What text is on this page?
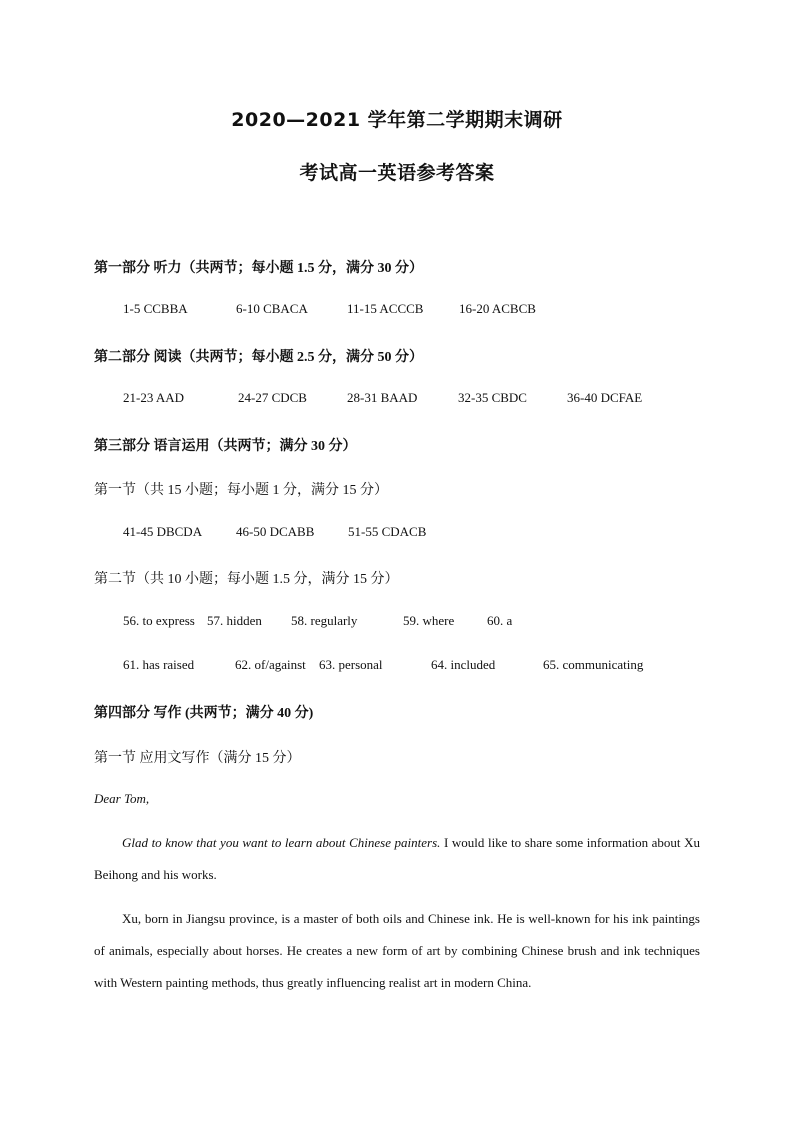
2020—2021 学年第二学期期末调研
考试高一英语参考答案
第一部分 听力（共两节；每小题 1.5 分，满分 30 分）
1-5 CCBBA	6-10 CBACA	11-15 ACCCB	16-20 ACBCB
第二部分 阅读（共两节；每小题 2.5 分，满分 50 分）
21-23 AAD	24-27 CDCB	28-31 BAAD	32-35 CBDC	36-40 DCFAE
第三部分 语言运用（共两节；满分 30 分）
第一节（共 15 小题；每小题 1 分，满分 15 分）
41-45 DBCDA	46-50 DCABB	51-55 CDACB
第二节（共 10 小题；每小题 1.5 分，满分 15 分）
56. to express 57. hidden 58. regularly	59. where	60. a
61. has raised	62. of/against 63. personal	64. included	65. communicating
第四部分 写作 (共两节；满分 40 分)
第一节 应用文写作（满分 15 分）
Dear Tom,
Glad to know that you want to learn about Chinese painters. I would like to share some information about Xu Beihong and his works.
Xu, born in Jiangsu province, is a master of both oils and Chinese ink. He is well-known for his ink paintings of animals, especially about horses. He creates a new form of art by combining Chinese brush and ink techniques with Western painting methods, thus greatly influencing realist art in modern China.
